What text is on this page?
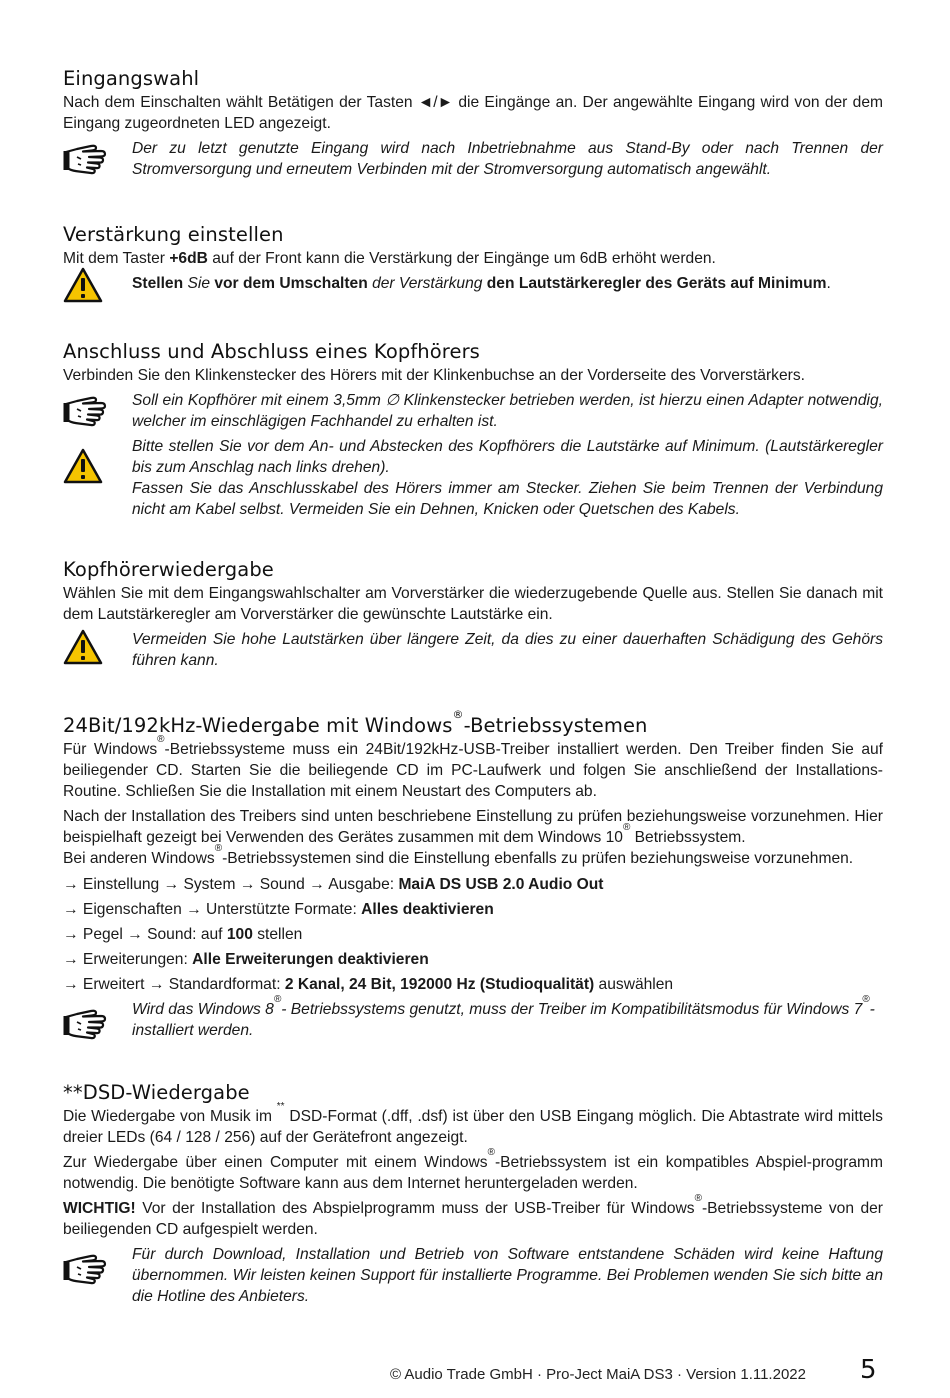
Eingangswahl

Nach dem Einschalten wählt Betätigen der Tasten ◄/► die Eingänge an. Der angewählte Eingang wird von der dem Eingang zugeordneten LED angezeigt.

Der zu letzt genutzte Eingang wird nach Inbetriebnahme aus Stand-By oder nach Trennen der Stromversorgung und erneutem Verbinden mit der Stromversorgung automatisch angewählt.
Verstärkung einstellen

Mit dem Taster +6dB auf der Front kann die Verstärkung der Eingänge um 6dB erhöht werden.

Stellen Sie vor dem Umschalten der Verstärkung den Lautstärkeregler des Geräts auf Minimum.
Anschluss und Abschluss eines Kopfhörers

Verbinden Sie den Klinkenstecker des Hörers mit der Klinkenbuchse an der Vorderseite des Vorverstärkers.

Soll ein Kopfhörer mit einem 3,5mm ∅ Klinkenstecker betrieben werden, ist hierzu einen Adapter notwendig, welcher im einschlägigen Fachhandel zu erhalten ist.
Bitte stellen Sie vor dem An- und Abstecken des Kopfhörers die Lautstärke auf Minimum. (Lautstärkeregler bis zum Anschlag nach links drehen).
Fassen Sie das Anschlusskabel des Hörers immer am Stecker. Ziehen Sie beim Trennen der Verbindung nicht am Kabel selbst. Vermeiden Sie ein Dehnen, Knicken oder Quetschen des Kabels.
Kopfhörerwiedergabe

Wählen Sie mit dem Eingangswahlschalter am Vorverstärker die wiederzugebende Quelle aus. Stellen Sie danach mit dem Lautstärkeregler am Vorverstärker die gewünschte Lautstärke ein.

Vermeiden Sie hohe Lautstärken über längere Zeit, da dies zu einer dauerhaften Schädigung des Gehörs führen kann.
24Bit/192kHz-Wiedergabe mit Windows®-Betriebssystemen

Für Windows®-Betriebssysteme muss ein 24Bit/192kHz-USB-Treiber installiert werden. Den Treiber finden Sie auf beiliegender CD. Starten Sie die beiliegende CD im PC-Laufwerk und folgen Sie anschließend der Installations-Routine. Schließen Sie die Installation mit einem Neustart des Computers ab.

Nach der Installation des Treibers sind unten beschriebene Einstellung zu prüfen beziehungsweise vorzunehmen. Hier beispielhaft gezeigt bei Verwenden des Gerätes zusammen mit dem Windows 10® Betriebssystem.

Bei anderen Windows®-Betriebssystemen sind die Einstellung ebenfalls zu prüfen beziehungsweise vorzunehmen.

→ Einstellung → System → Sound → Ausgabe: MaiA DS USB 2.0 Audio Out
→ Eigenschaften → Unterstützte Formate: Alles deaktivieren
→ Pegel → Sound: auf 100 stellen
→ Erweiterungen: Alle Erweiterungen deaktivieren
→ Erweitert → Standardformat: 2 Kanal, 24 Bit, 192000 Hz (Studioqualität) auswählen
Wird das Windows 8®- Betriebssystems genutzt, muss der Treiber im Kompatibilitätsmodus für Windows 7®- installiert werden.
**DSD-Wiedergabe

Die Wiedergabe von Musik im ** DSD-Format (.dff, .dsf) ist über den USB Eingang möglich. Die Abtastrate wird mittels dreier LEDs (64 / 128 / 256) auf der Gerätefront angezeigt.

Zur Wiedergabe über einen Computer mit einem Windows®-Betriebssystem ist ein kompatibles Abspiel-programm notwendig. Die benötigte Software kann aus dem Internet heruntergeladen werden.

WICHTIG! Vor der Installation des Abspielprogramm muss der USB-Treiber für Windows®-Betriebssysteme von der beiliegenden CD aufgespielt werden.

Für durch Download, Installation und Betrieb von Software entstandene Schäden wird keine Haftung übernommen. Wir leisten keinen Support für installierte Programme. Bei Problemen wenden Sie sich bitte an die Hotline des Anbieters.
© Audio Trade GmbH · Pro-Ject MaiA DS3 · Version 1.11.2022 5
